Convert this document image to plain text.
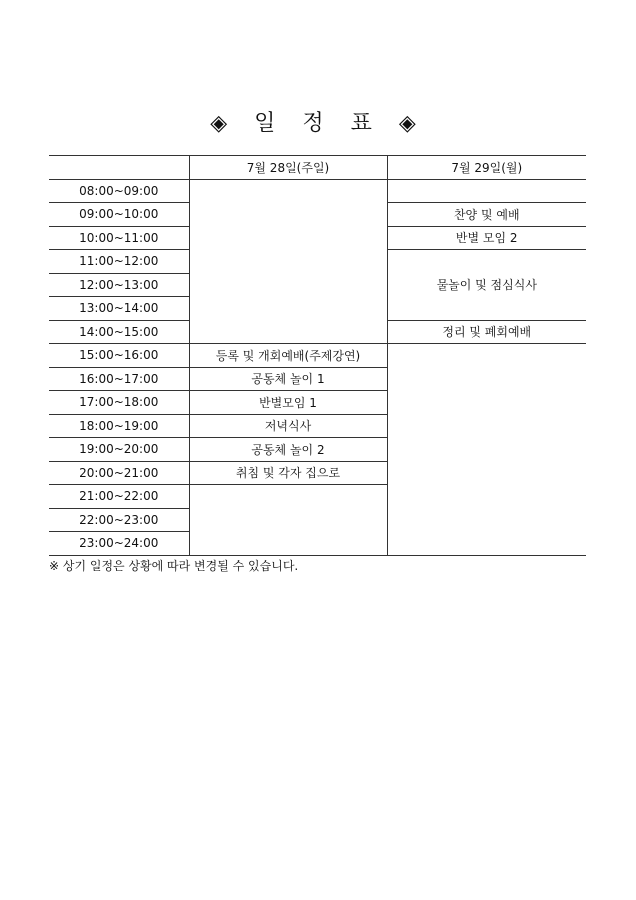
◈ 일 정 표 ◈
	7월 28일(주일)	7월 29일(월)
08:00~09:00		
09:00~10:00		찬양 및 예배
10:00~11:00		반별 모임 2
11:00~12:00		물놀이 및 점심식사
12:00~13:00		
13:00~14:00		
14:00~15:00		정리 및 폐회예배
15:00~16:00	등록 및 개회예배(주제강연)	
16:00~17:00	공동체 놀이 1	
17:00~18:00	반별모임 1	
18:00~19:00	저녁식사	
19:00~20:00	공동체 놀이 2	
20:00~21:00	취침 및 각자 집으로	
21:00~22:00		
22:00~23:00		
23:00~24:00		
※ 상기 일정은 상황에 따라 변경될 수 있습니다.
